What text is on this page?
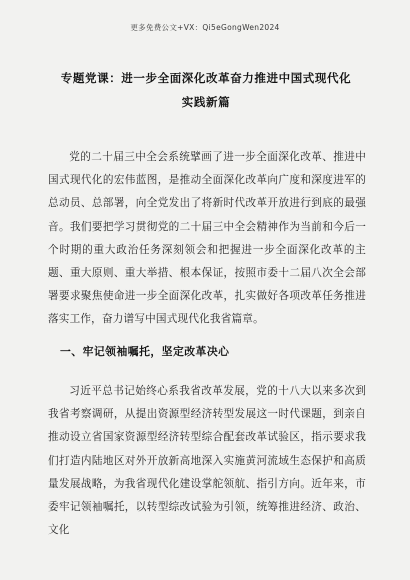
更多免费公文+VX：Qi5eGongWen2024
专题党课：进一步全面深化改革奋力推进中国式现代化实践新篇

党的二十届三中全会系统擘画了进一步全面深化改革、推进中国式现代化的宏伟蓝图，是推动全面深化改革向广度和深度进军的总动员、总部署，向全党发出了将新时代改革开放进行到底的最强音。我们要把学习贯彻党的二十届三中全会精神作为当前和今后一个时期的重大政治任务深刻领会和把握进一步全面深化改革的主题、重大原则、重大举措、根本保证，按照市委十二届八次全会部署要求聚焦使命进一步全面深化改革，扎实做好各项改革任务推进落实工作，奋力谱写中国式现代化我省篇章。

一、牢记领袖嘱托，坚定改革决心

习近平总书记始终心系我省改革发展，党的十八大以来多次到我省考察调研，从提出资源型经济转型发展这一时代课题，到亲自推动设立省国家资源型经济转型综合配套改革试验区，指示要求我们打造内陆地区对外开放新高地深入实施黄河流域生态保护和高质量发展战略，为我省现代化建设掌舵领航、指引方向。近年来，市委牢记领袖嘱托，以转型综改试验为引领，统筹推进经济、政治、文化
